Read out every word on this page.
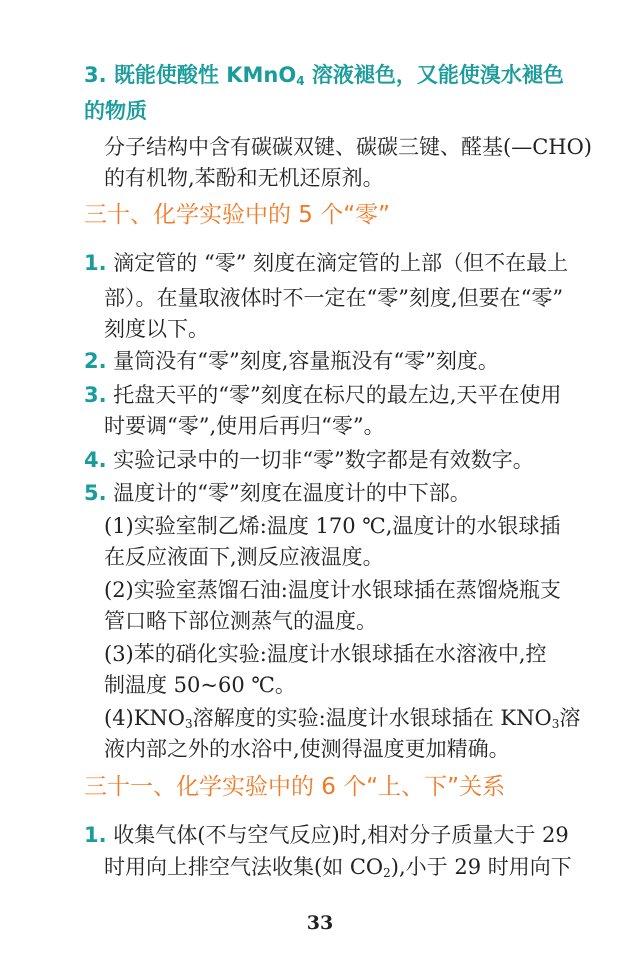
3. 既能使酸性 KMnO$_4$ 溶液褪色，又能使溴水褪色
的物质
分子结构中含有碳碳双键、碳碳三键、醛基(—CHO)
的有机物,苯酚和无机还原剂。
三十、化学实验中的 5 个“零”
1. 滴定管的 “零” 刻度在滴定管的上部（但不在最上
部）。在量取液体时不一定在“零”刻度,但要在“零”
刻度以下。
2. 量筒没有“零”刻度,容量瓶没有“零”刻度。
3. 托盘天平的“零”刻度在标尺的最左边,天平在使用
时要调“零”,使用后再归“零”。
4. 实验记录中的一切非“零”数字都是有效数字。
5. 温度计的“零”刻度在温度计的中下部。
(1)实验室制乙烯:温度 170 ℃,温度计的水银球插
在反应液面下,测反应液温度。
(2)实验室蒸馏石油:温度计水银球插在蒸馏烧瓶支
管口略下部位测蒸气的温度。
(3)苯的硝化实验:温度计水银球插在水溶液中,控
制温度 50~60 ℃。
$(4)KNO_3$溶解度的实验:温度计水银球插在 $KNO_3$溶
液内部之外的水浴中,使测得温度更加精确。
三十一、化学实验中的 6 个“上、下”关系
1. 收集气体(不与空气反应)时,相对分子质量大于 29
时用向上排空气法收集(如 $CO_2$),小于 29 时用向下
33
